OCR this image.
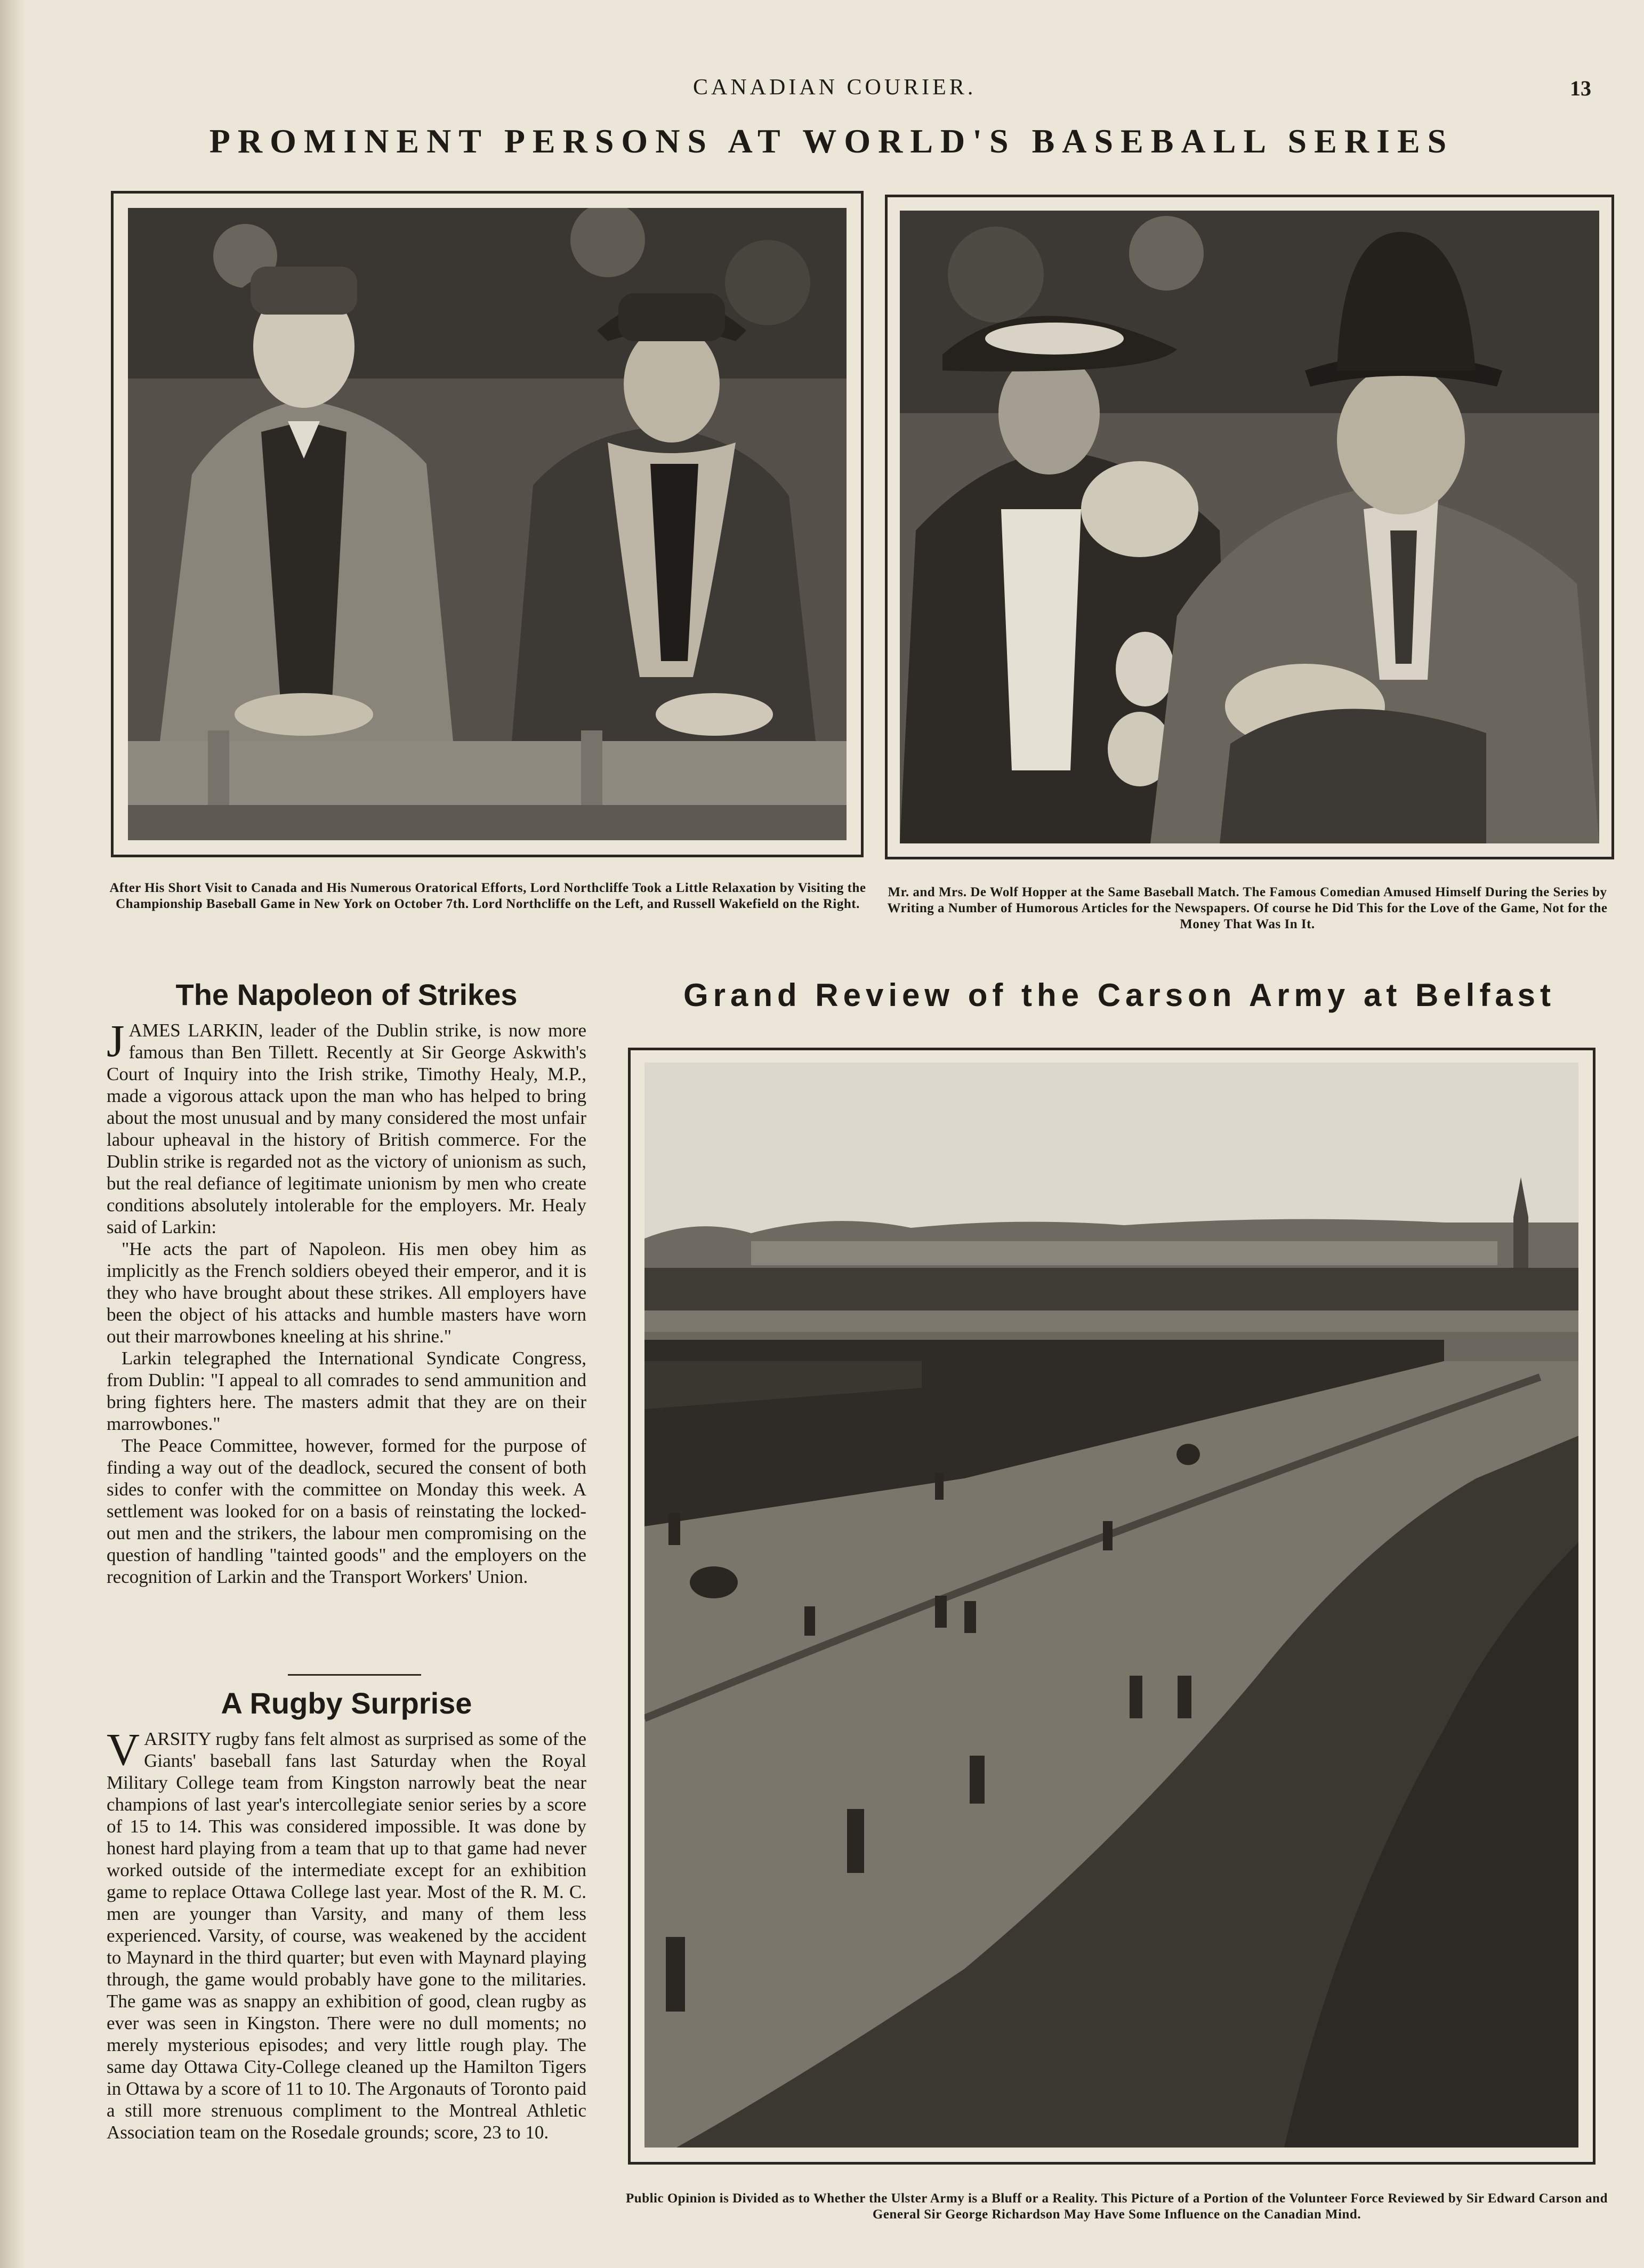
CANADIAN COURIER.	13
PROMINENT PERSONS AT WORLD'S BASEBALL SERIES
After His Short Visit to Canada and His Numerous Oratorical Efforts, Lord Northcliffe Took a Little Relaxation by Visiting the Championship Baseball Game in New York on October 7th. Lord Northcliffe on the Left, and Russell Wakefield on the Right.
Mr. and Mrs. De Wolf Hopper at the Same Baseball Match. The Famous Comedian Amused Himself During the Series by Writing a Number of Humorous Articles for the Newspapers. Of course he Did This for the Love of the Game, Not for the Money That Was In It.
The Napoleon of Strikes

JAMES LARKIN, leader of the Dublin strike, is now more famous than Ben Tillett. Recently at Sir George Askwith's Court of Inquiry into the Irish strike, Timothy Healy, M.P., made a vigorous attack upon the man who has helped to bring about the most unusual and by many considered the most unfair labour upheaval in the history of British commerce. For the Dublin strike is regarded not as the victory of unionism as such, but the real defiance of legitimate unionism by men who create conditions absolutely intolerable for the employers. Mr. Healy said of Larkin:

"He acts the part of Napoleon. His men obey him as implicitly as the French soldiers obeyed their emperor, and it is they who have brought about these strikes. All employers have been the object of his attacks and humble masters have worn out their marrowbones kneeling at his shrine."

Larkin telegraphed the International Syndicate Congress, from Dublin: "I appeal to all comrades to send ammunition and bring fighters here. The masters admit that they are on their marrowbones."

The Peace Committee, however, formed for the purpose of finding a way out of the deadlock, secured the consent of both sides to confer with the committee on Monday this week. A settlement was looked for on a basis of reinstating the locked-out men and the strikers, the labour men compromising on the question of handling "tainted goods" and the employers on the recognition of Larkin and the Transport Workers' Union.

A Rugby Surprise

VARSITY rugby fans felt almost as surprised as some of the Giants' baseball fans last Saturday when the Royal Military College team from Kingston narrowly beat the near champions of last year's intercollegiate senior series by a score of 15 to 14. This was considered impossible. It was done by honest hard playing from a team that up to that game had never worked outside of the intermediate except for an exhibition game to replace Ottawa College last year. Most of the R. M. C. men are younger than Varsity, and many of them less experienced. Varsity, of course, was weakened by the accident to Maynard in the third quarter; but even with Maynard playing through, the game would probably have gone to the militaries. The game was as snappy an exhibition of good, clean rugby as ever was seen in Kingston. There were no dull moments; no merely mysterious episodes; and very little rough play. The same day Ottawa City-College cleaned up the Hamilton Tigers in Ottawa by a score of 11 to 10. The Argonauts of Toronto paid a still more strenuous compliment to the Montreal Athletic Association team on the Rosedale grounds; score, 23 to 10.

Grand Review of the Carson Army at Belfast
Public Opinion is Divided as to Whether the Ulster Army is a Bluff or a Reality. This Picture of a Portion of the Volunteer Force Reviewed by Sir Edward Carson and General Sir George Richardson May Have Some Influence on the Canadian Mind.
